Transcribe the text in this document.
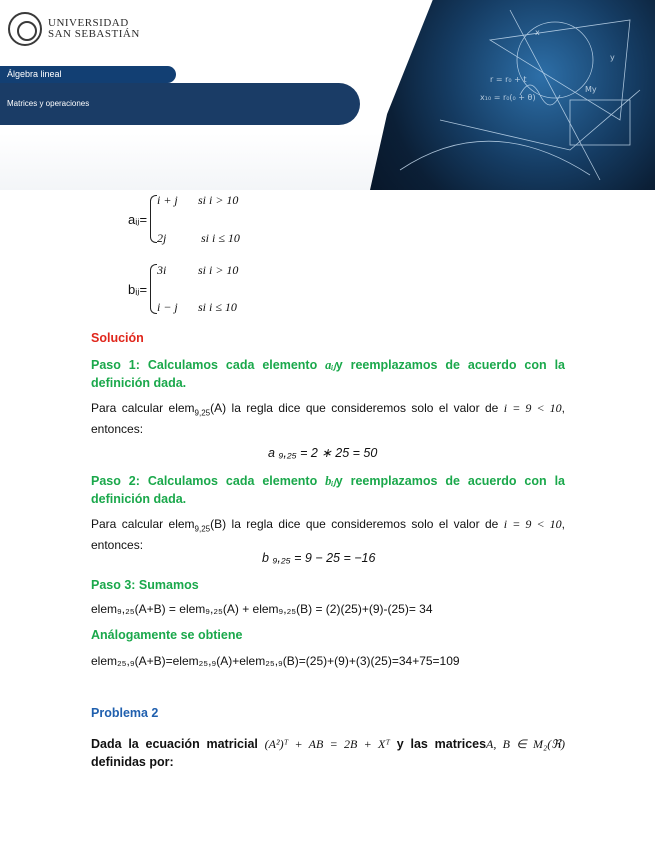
r = r₀ + t
x₁₀ = r₀(₀ + θ)
My
x
y
UNIVERSIDAD
SAN SEBASTIÁN
Álgebra lineal
Matrices y operaciones
aᵢⱼ=
i + j si i > 10
2j	si i ≤ 10
bᵢⱼ=
3i	si i > 10
i − j si i ≤ 10
Solución
Paso 1: Calculamos cada elemento aᵢⱼy reemplazamos de acuerdo con la definición dada.
Para calcular elem$_{9,25}$(A) la regla dice que consideremos solo el valor de i = 9 < 10, entonces:
a ₉,₂₅ = 2 ∗ 25 = 50
Paso 2: Calculamos cada elemento bᵢⱼy reemplazamos de acuerdo con la definición dada.
Para calcular elem$_{9,25}$(B) la regla dice que consideremos solo el valor de i = 9 < 10, entonces:
b ₉,₂₅ = 9 − 25 = −16
Paso 3: Sumamos
elem₉,₂₅(A+B) = elem₉,₂₅(A) + elem₉,₂₅(B) = (2)(25)+(9)-(25)= 34
Análogamente se obtiene
elem₂₅,₉(A+B)=elem₂₅,₉(A)+elem₂₅,₉(B)=(25)+(9)+(3)(25)=34+75=109
Problema 2
Dada la ecuación matricial (A²)ᵀ + AB = 2B + Xᵀ y las matricesA, B ∈ M₂(ℜ) definidas por:
